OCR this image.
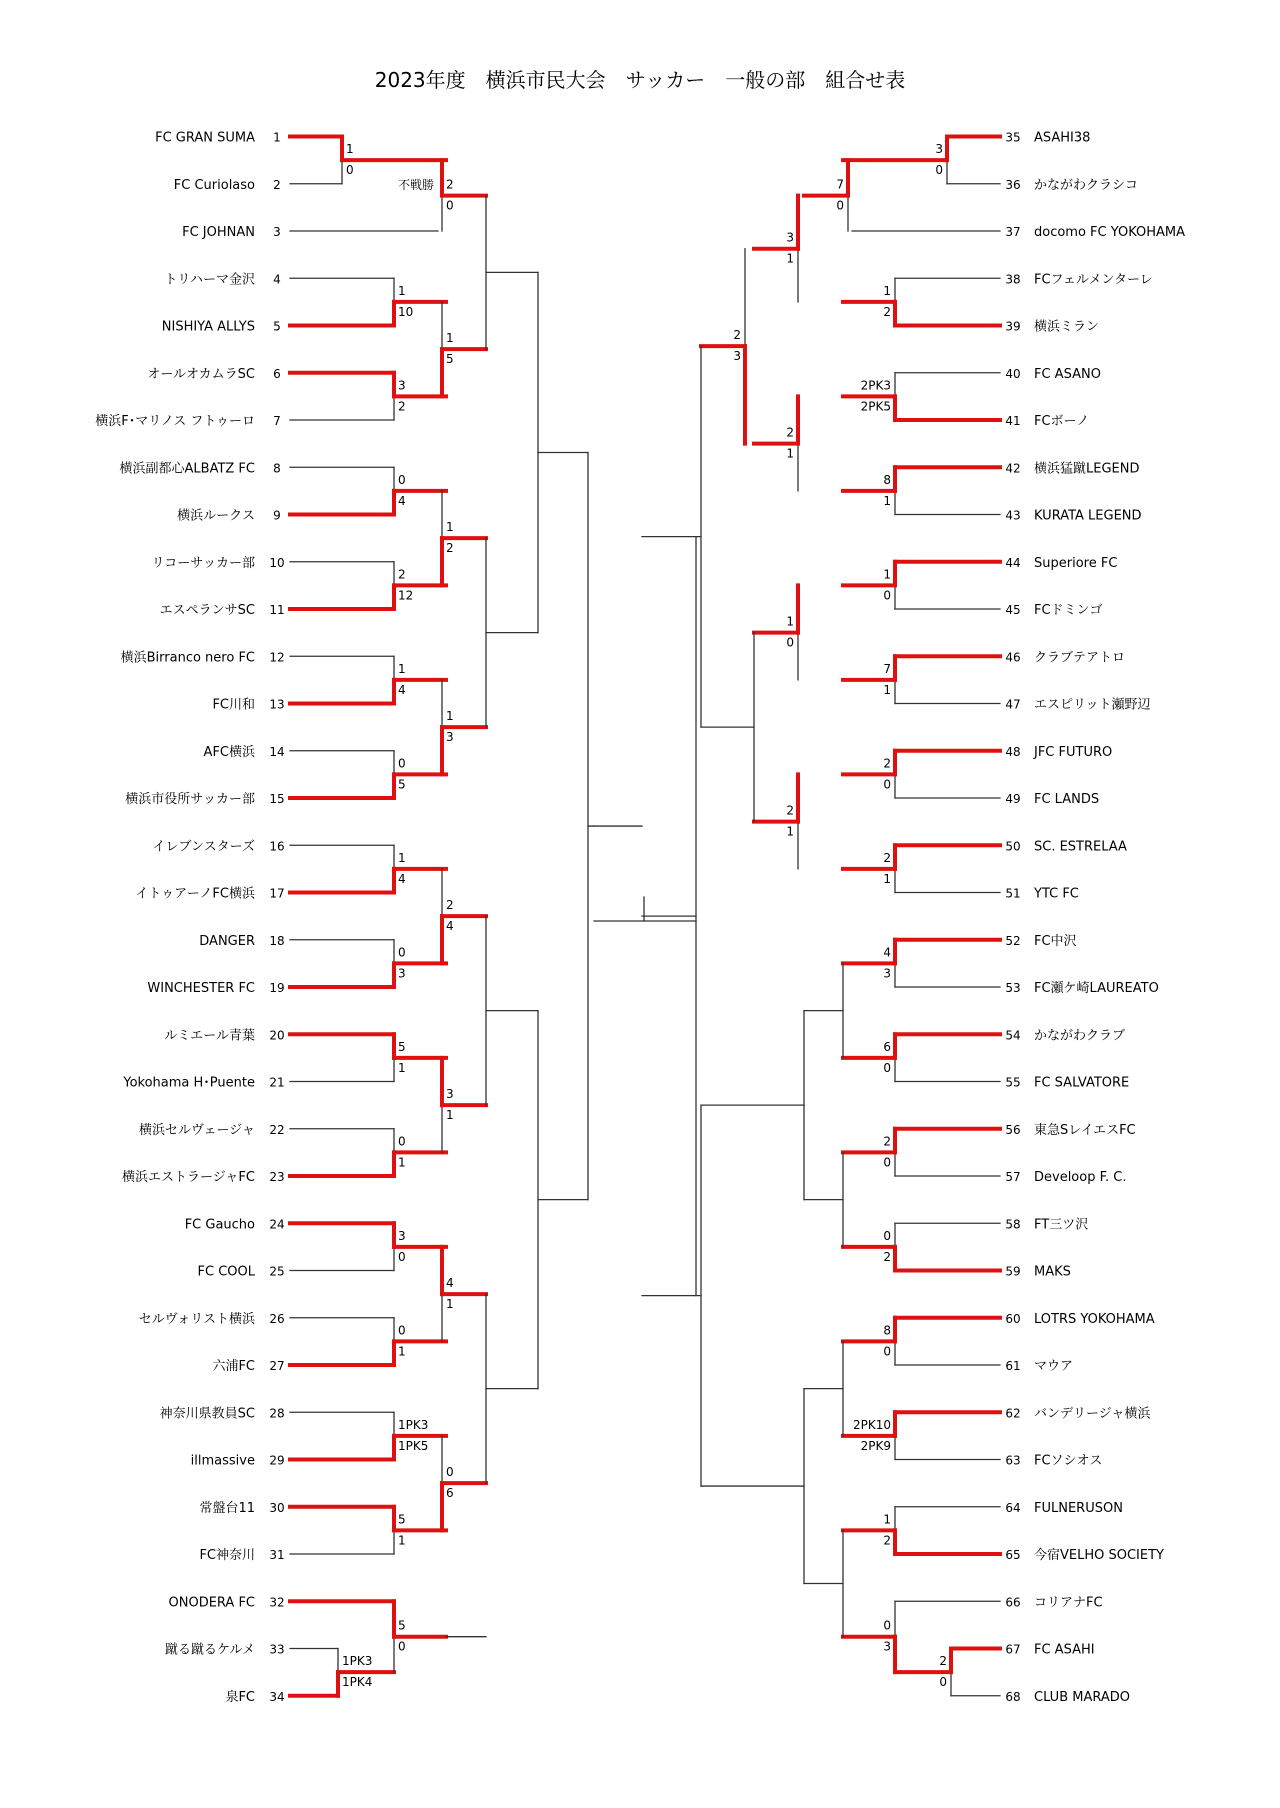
2023年度　横浜市民大会　サッカー　一般の部　組合せ表
FC GRAN SUMA 1
FC Curiolaso 2
FC JOHNAN 3
トリハーマ金沢 4
NISHIYA ALLYS 5
オールオカムラSC 6
横浜F･マリノス フトゥーロ 7
横浜副都心ALBATZ FC 8
横浜ルークス 9
リコーサッカー部 10
エスペランサSC 11
横浜Birranco nero FC 12
FC川和 13
AFC横浜 14
横浜市役所サッカー部 15
イレブンスターズ 16
イトゥアーノFC横浜 17
DANGER 18
WINCHESTER FC 19
ルミエール青葉 20
Yokohama H･Puente 21
横浜セルヴェージャ 22
横浜エストラージャFC 23
FC Gaucho 24
FC COOL 25
セルヴォリスト横浜 26
六浦FC 27
神奈川県教員SC 28
illmassive 29
常盤台11 30
FC神奈川 31
ONODERA FC 32
蹴る蹴るケルメ 33
泉FC 34
35 ASAHI38
36 かながわクラシコ
37 docomo FC YOKOHAMA
38 FCフェルメンターレ
39 横浜ミラン
40 FC ASANO
41 FCボーノ
42 横浜猛蹴LEGEND
43 KURATA LEGEND
44 Superiore FC
45 FCドミンゴ
46 クラブテアトロ
47 エスピリット瀬野辺
48 JFC FUTURO
49 FC LANDS
50 SC. ESTRELAA
51 YTC FC
52 FC中沢
53 FC瀬ケ崎LAUREATO
54 かながわクラブ
55 FC SALVATORE
56 東急SレイエスFC
57 Develoop F. C.
58 FT三ツ沢
59 MAKS
60 LOTRS YOKOHAMA
61 マウア
62 バンデリージャ横浜
63 FCソシオス
64 FULNERUSON
65 今宿VELHO SOCIETY
66 コリアナFC
67 FC ASAHI
68 CLUB MARADO
1PK3
1PK4
1
0
1
10
3
2
0
4
2
12
1
4
0
5
1
4
0
3
5
1
0
1
3
0
0
1
1PK3
1PK5
5
1
5
0
不戦勝 2
0
1
5
1
2
1
3
2
4
3
1
4
1
0
6
2
0
3
0
1
2
2PK3
2PK5
8
1
1
0
7
1
2
0
2
1
4
3
6
0
2
0
0
2
8
0
2PK10
2PK9
1
2
0
3
7
0
3
1
2
1
1
0
2
1
2
3
